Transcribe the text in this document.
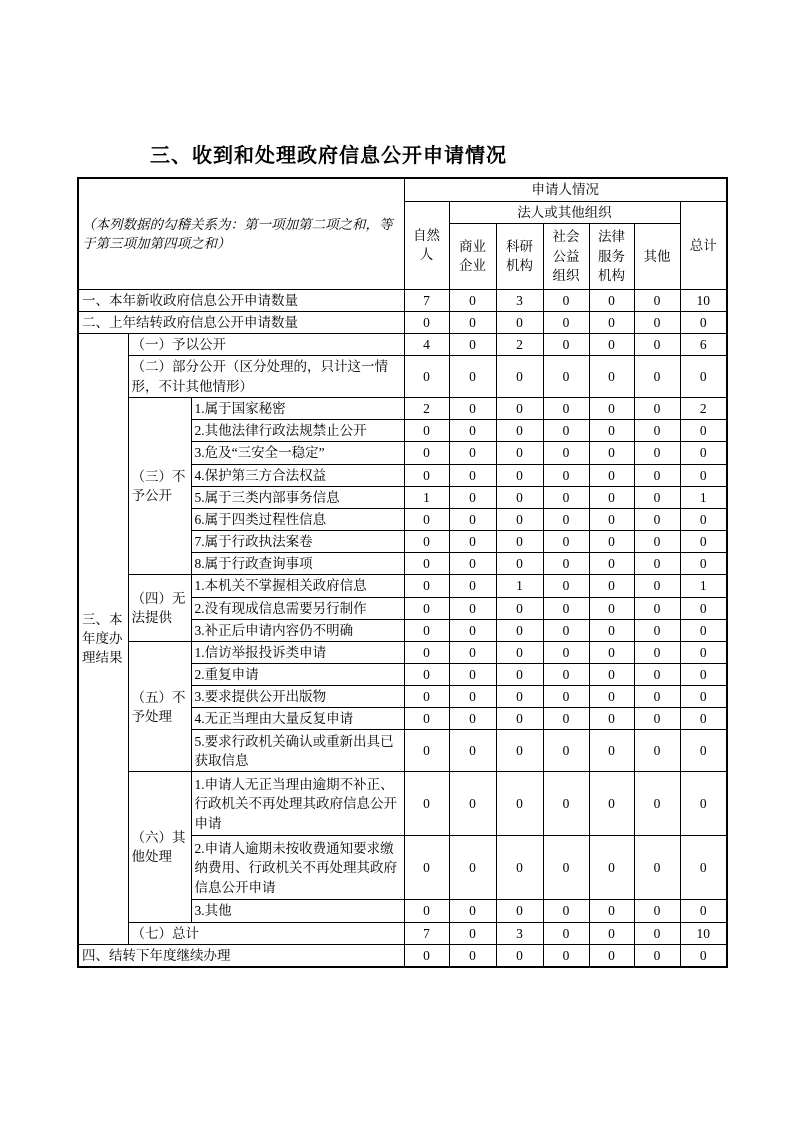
三、收到和处理政府信息公开申请情况
（本列数据的勾稽关系为：第一项加第二项之和，等于第三项加第四项之和）			申请人情况						
			自然人	法人或其他组织					总计
				商业企业	科研机构	社会公益组织	法律服务机构	其他	
一、本年新收政府信息公开申请数量			7	0	3	0	0	0	10
二、上年结转政府信息公开申请数量			0	0	0	0	0	0	0
三、本年度办理结果	（一）予以公开		4	0	2	0	0	0	6
	（二）部分公开（区分处理的，只计这一情形，不计其他情形）		0	0	0	0	0	0	0
	（三）不予公开	1.属于国家秘密	2	0	0	0	0	0	2
		2.其他法律行政法规禁止公开	0	0	0	0	0	0	0
		3.危及“三安全一稳定”	0	0	0	0	0	0	0
		4.保护第三方合法权益	0	0	0	0	0	0	0
		5.属于三类内部事务信息	1	0	0	0	0	0	1
		6.属于四类过程性信息	0	0	0	0	0	0	0
		7.属于行政执法案卷	0	0	0	0	0	0	0
		8.属于行政查询事项	0	0	0	0	0	0	0
	（四）无法提供	1.本机关不掌握相关政府信息	0	0	1	0	0	0	1
		2.没有现成信息需要另行制作	0	0	0	0	0	0	0
		3.补正后申请内容仍不明确	0	0	0	0	0	0	0
	（五）不予处理	1.信访举报投诉类申请	0	0	0	0	0	0	0
		2.重复申请	0	0	0	0	0	0	0
		3.要求提供公开出版物	0	0	0	0	0	0	0
		4.无正当理由大量反复申请	0	0	0	0	0	0	0
		5.要求行政机关确认或重新出具已获取信息	0	0	0	0	0	0	0
	（六）其他处理	1.申请人无正当理由逾期不补正、行政机关不再处理其政府信息公开申请	0	0	0	0	0	0	0
		2.申请人逾期未按收费通知要求缴纳费用、行政机关不再处理其政府信息公开申请	0	0	0	0	0	0	0
		3.其他	0	0	0	0	0	0	0
	（七）总计		7	0	3	0	0	0	10
四、结转下年度继续办理			0	0	0	0	0	0	0
